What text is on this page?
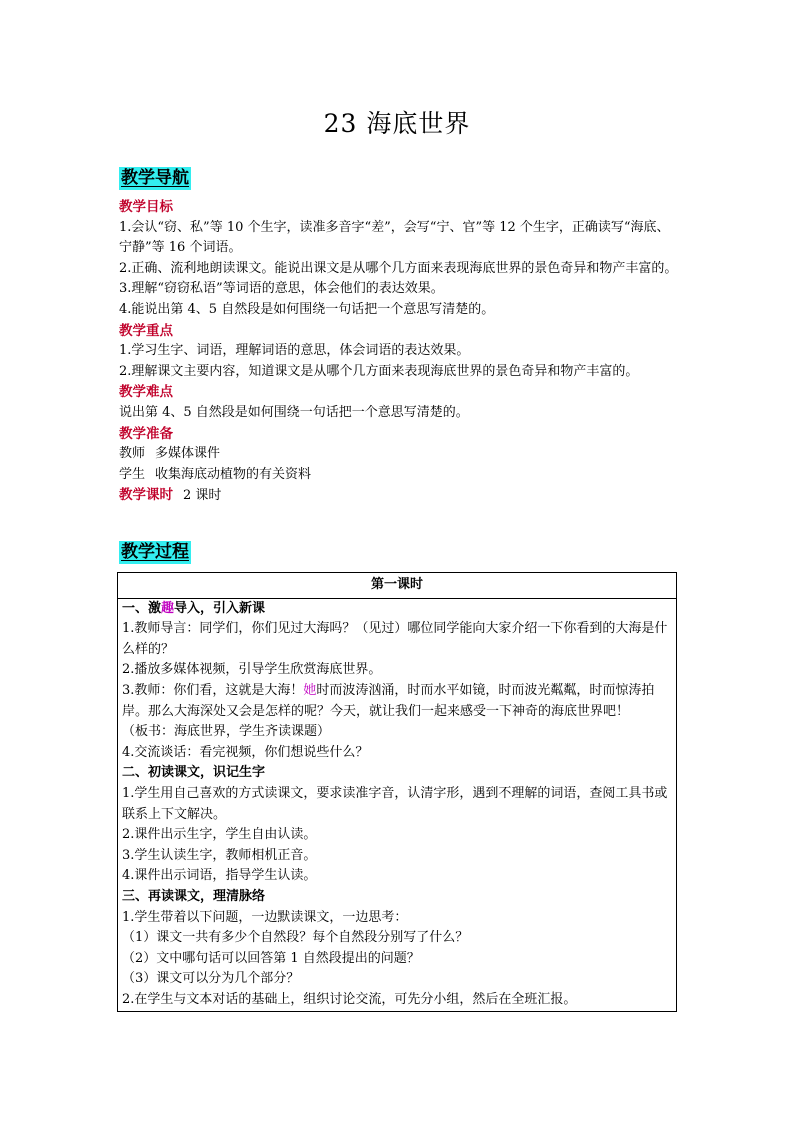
23 海底世界
教学导航

教学目标

1.会认“窃、私”等 10 个生字，读准多音字“差”，会写“宁、官”等 12 个生字，正确读写“海底、宁静”等 16 个词语。

2.正确、流利地朗读课文。能说出课文是从哪个几方面来表现海底世界的景色奇异和物产丰富的。

3.理解“窃窃私语”等词语的意思，体会他们的表达效果。

4.能说出第 4、5 自然段是如何围绕一句话把一个意思写清楚的。

教学重点

1.学习生字、词语，理解词语的意思，体会词语的表达效果。

2.理解课文主要内容，知道课文是从哪个几方面来表现海底世界的景色奇异和物产丰富的。

教学难点

说出第 4、5 自然段是如何围绕一句话把一个意思写清楚的。

教学准备

教师 多媒体课件

学生 收集海底动植物的有关资料

教学课时 2 课时

教学过程

第一课时

一、激趣导入，引入新课

1.教师导言：同学们，你们见过大海吗？（见过）哪位同学能向大家介绍一下你看到的大海是什么样的？

2.播放多媒体视频，引导学生欣赏海底世界。

3.教师：你们看，这就是大海！她时而波涛汹涌，时而水平如镜，时而波光粼粼，时而惊涛拍岸。那么大海深处又会是怎样的呢？今天，就让我们一起来感受一下神奇的海底世界吧！

（板书：海底世界，学生齐读课题）

4.交流谈话：看完视频，你们想说些什么？

二、初读课文，识记生字

1.学生用自己喜欢的方式读课文，要求读准字音，认清字形，遇到不理解的词语，查阅工具书或联系上下文解决。

2.课件出示生字，学生自由认读。

3.学生认读生字，教师相机正音。

4.课件出示词语，指导学生认读。

三、再读课文，理清脉络

1.学生带着以下问题，一边默读课文，一边思考：

（1）课文一共有多少个自然段？每个自然段分别写了什么？

（2）文中哪句话可以回答第 1 自然段提出的问题？

（3）课文可以分为几个部分？

2.在学生与文本对话的基础上，组织讨论交流，可先分小组，然后在全班汇报。
